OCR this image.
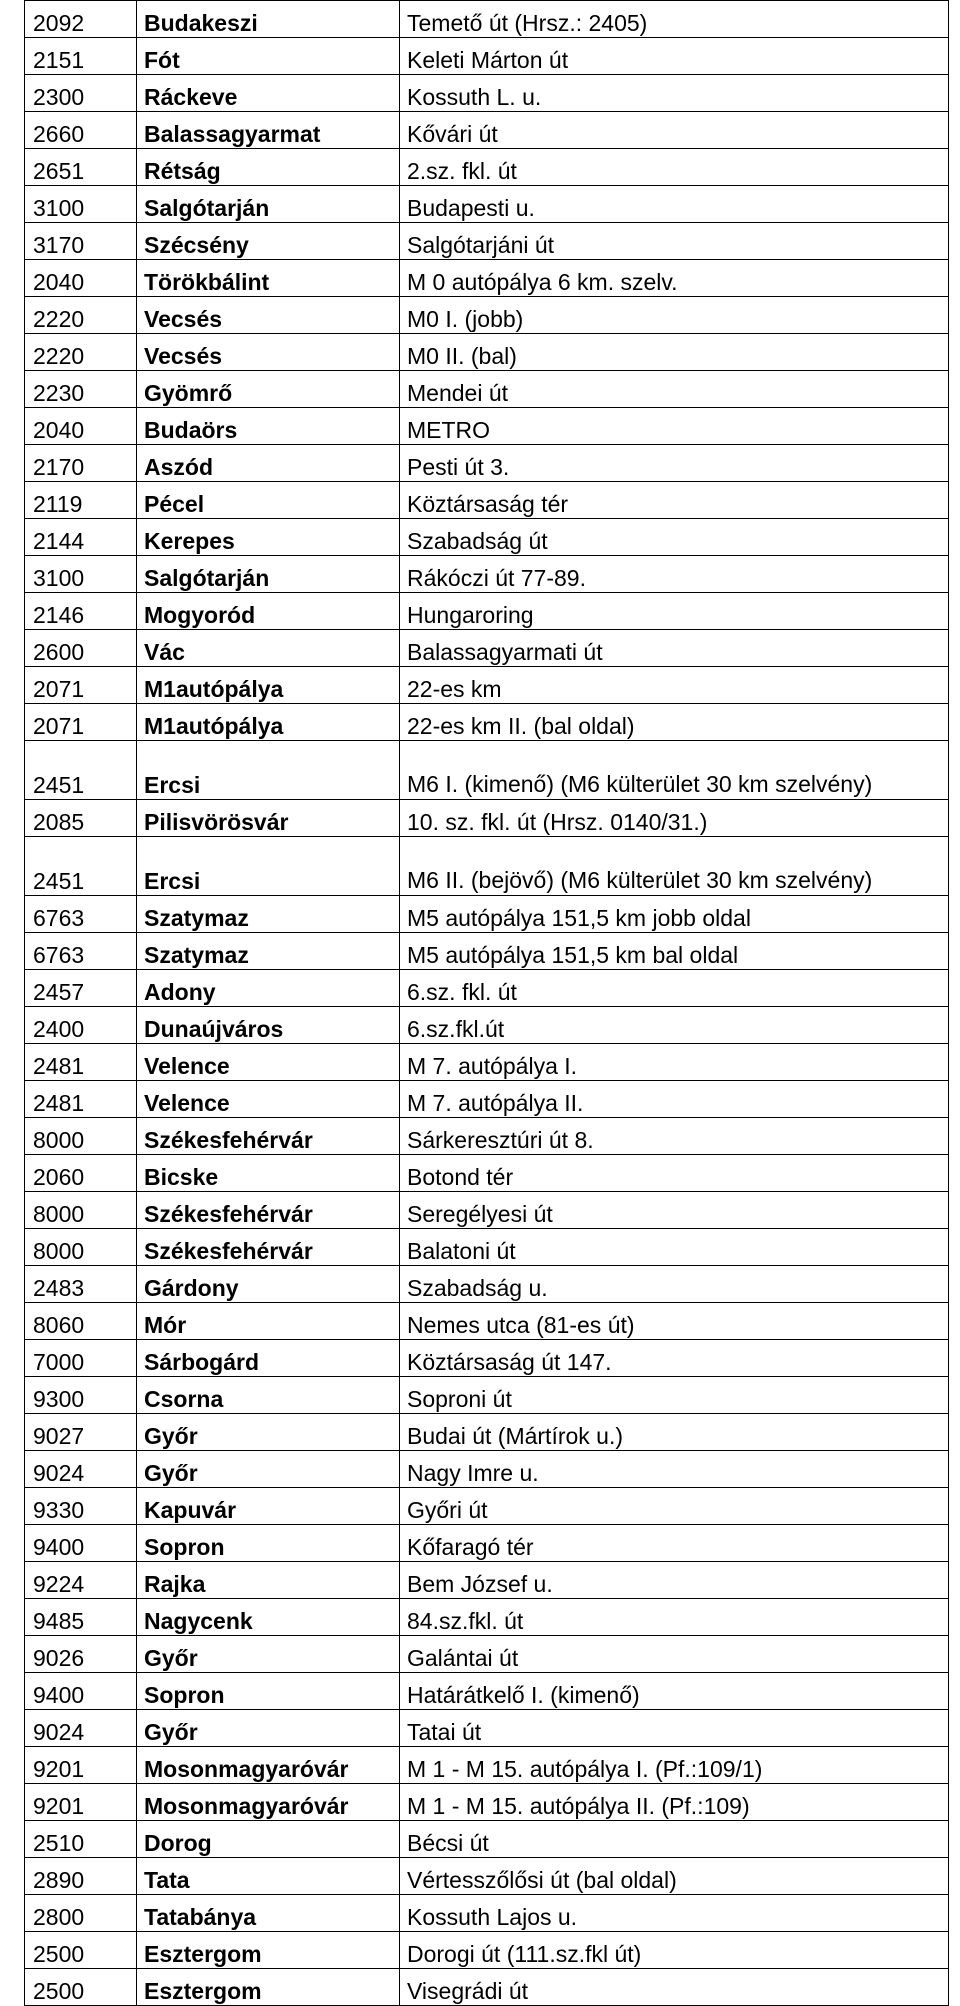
2092	Budakeszi	Temető út (Hrsz.: 2405)
2151	Fót	Keleti Márton út
2300	Ráckeve	Kossuth L. u.
2660	Balassagyarmat	Kővári út
2651	Rétság	2.sz. fkl. út
3100	Salgótarján	Budapesti u.
3170	Szécsény	Salgótarjáni út
2040	Törökbálint	M 0 autópálya 6 km. szelv.
2220	Vecsés	M0 I. (jobb)
2220	Vecsés	M0 II. (bal)
2230	Gyömrő	Mendei út
2040	Budaörs	METRO
2170	Aszód	Pesti út 3.
2119	Pécel	Köztársaság tér
2144	Kerepes	Szabadság út
3100	Salgótarján	Rákóczi út 77-89.
2146	Mogyoród	Hungaroring
2600	Vác	Balassagyarmati út
2071	M1autópálya	22-es km
2071	M1autópálya	22-es km II. (bal oldal)
2451	Ercsi	M6 I. (kimenő) (M6 külterület 30 km szelvény)
2085	Pilisvörösvár	10. sz. fkl. út (Hrsz. 0140/31.)
2451	Ercsi	M6 II. (bejövő) (M6 külterület 30 km szelvény)
6763	Szatymaz	M5 autópálya 151,5 km jobb oldal
6763	Szatymaz	M5 autópálya 151,5 km bal oldal
2457	Adony	6.sz. fkl. út
2400	Dunaújváros	6.sz.fkl.út
2481	Velence	M 7. autópálya I.
2481	Velence	M 7. autópálya II.
8000	Székesfehérvár	Sárkeresztúri út 8.
2060	Bicske	Botond tér
8000	Székesfehérvár	Seregélyesi út
8000	Székesfehérvár	Balatoni út
2483	Gárdony	Szabadság u.
8060	Mór	Nemes utca (81-es út)
7000	Sárbogárd	Köztársaság út 147.
9300	Csorna	Soproni út
9027	Győr	Budai út (Mártírok u.)
9024	Győr	Nagy Imre u.
9330	Kapuvár	Győri út
9400	Sopron	Kőfaragó tér
9224	Rajka	Bem József u.
9485	Nagycenk	84.sz.fkl. út
9026	Győr	Galántai út
9400	Sopron	Határátkelő I. (kimenő)
9024	Győr	Tatai út
9201	Mosonmagyaróvár	M 1 - M 15. autópálya I. (Pf.:109/1)
9201	Mosonmagyaróvár	M 1 - M 15. autópálya II. (Pf.:109)
2510	Dorog	Bécsi út
2890	Tata	Vértesszőlősi út (bal oldal)
2800	Tatabánya	Kossuth Lajos u.
2500	Esztergom	Dorogi út (111.sz.fkl út)
2500	Esztergom	Visegrádi út
